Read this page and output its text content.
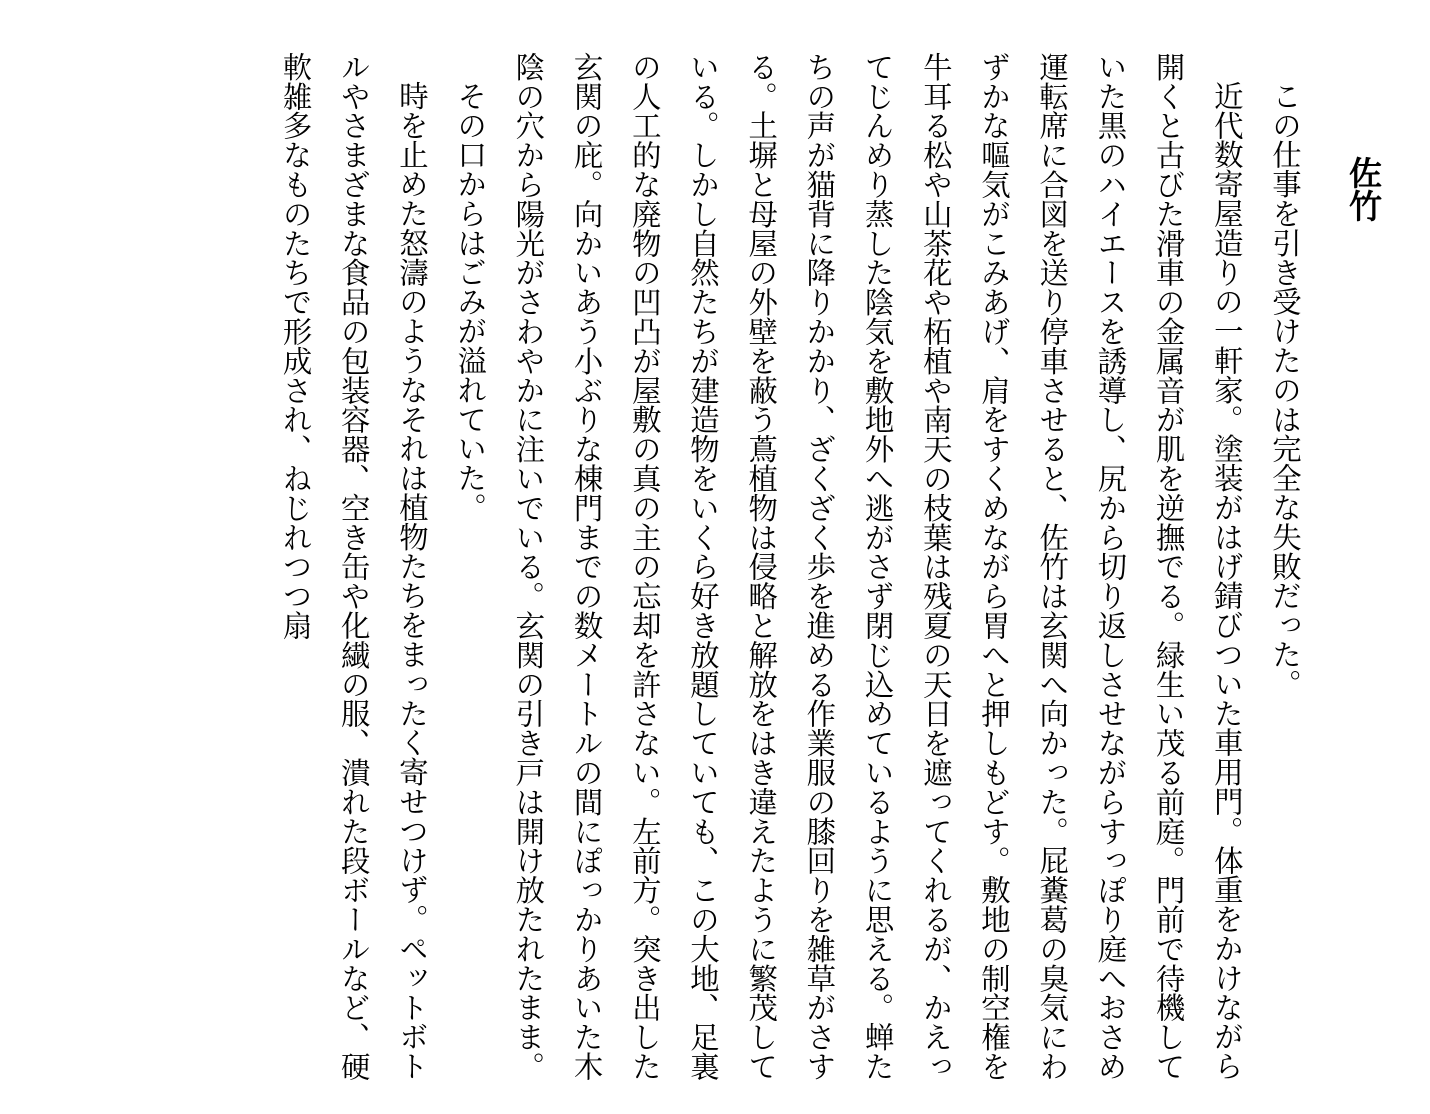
佐竹

この仕事を引き受けたのは完全な失敗だった。

近代数寄屋造りの一軒家。塗装がはげ錆びついた車用門。体重をかけながら開くと古びた滑車の金属音が肌を逆撫でる。緑生い茂る前庭。門前で待機していた黒のハイエースを誘導し、尻から切り返しさせながらすっぽり庭へおさめ運転席に合図を送り停車させると、佐竹は玄関へ向かった。屁糞葛の臭気にわずかな嘔気がこみあげ、肩をすくめながら胃へと押しもどす。敷地の制空権を牛耳る松や山茶花や柘植や南天の枝葉は残夏の天日を遮ってくれるが、かえってじんめり蒸した陰気を敷地外へ逃がさず閉じ込めているように思える。蝉たちの声が猫背に降りかかり、ざくざく歩を進める作業服の膝回りを雑草がさする。土塀と母屋の外壁を蔽う蔦植物は侵略と解放をはき違えたように繁茂している。しかし自然たちが建造物をいくら好き放題していても、この大地、足裏の人工的な廃物の凹凸が屋敷の真の主の忘却を許さない。左前方。突き出した玄関の庇。向かいあう小ぶりな棟門までの数メートルの間にぽっかりあいた木陰の穴から陽光がさわやかに注いでいる。玄関の引き戸は開け放たれたまま。

その口からはごみが溢れていた。

時を止めた怒濤のようなそれは植物たちをまったく寄せつけず。ペットボトルやさまざまな食品の包装容器、空き缶や化繊の服、潰れた段ボールなど、硬軟雑多なものたちで形成され、ねじれつつ扇
